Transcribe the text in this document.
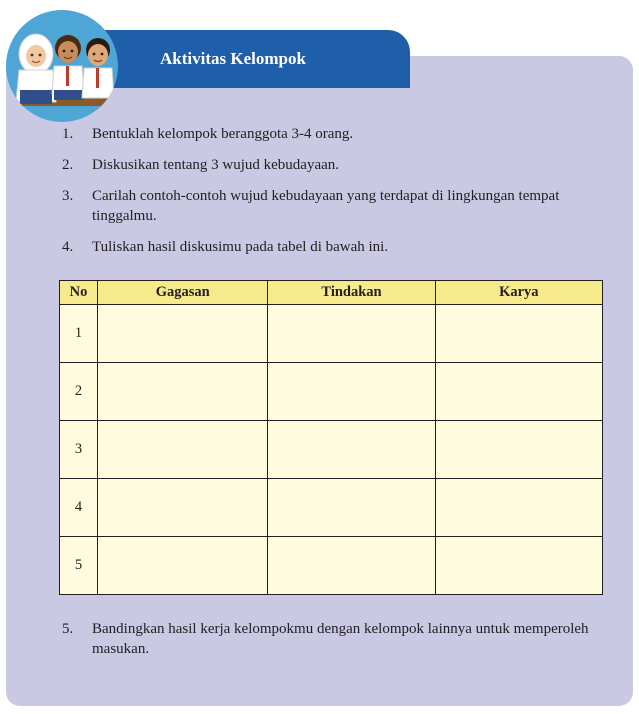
Aktivitas Kelompok
1. Bentuklah kelompok beranggota 3-4 orang.
2. Diskusikan tentang 3 wujud kebudayaan.
3. Carilah contoh-contoh wujud kebudayaan yang terdapat di lingkungan tempat tinggalmu.
4. Tuliskan hasil diskusimu pada tabel di bawah ini.
No	Gagasan	Tindakan	Karya
1			
2			
3			
4			
5			
5. Bandingkan hasil kerja kelompokmu dengan kelompok lainnya untuk memperoleh masukan.
